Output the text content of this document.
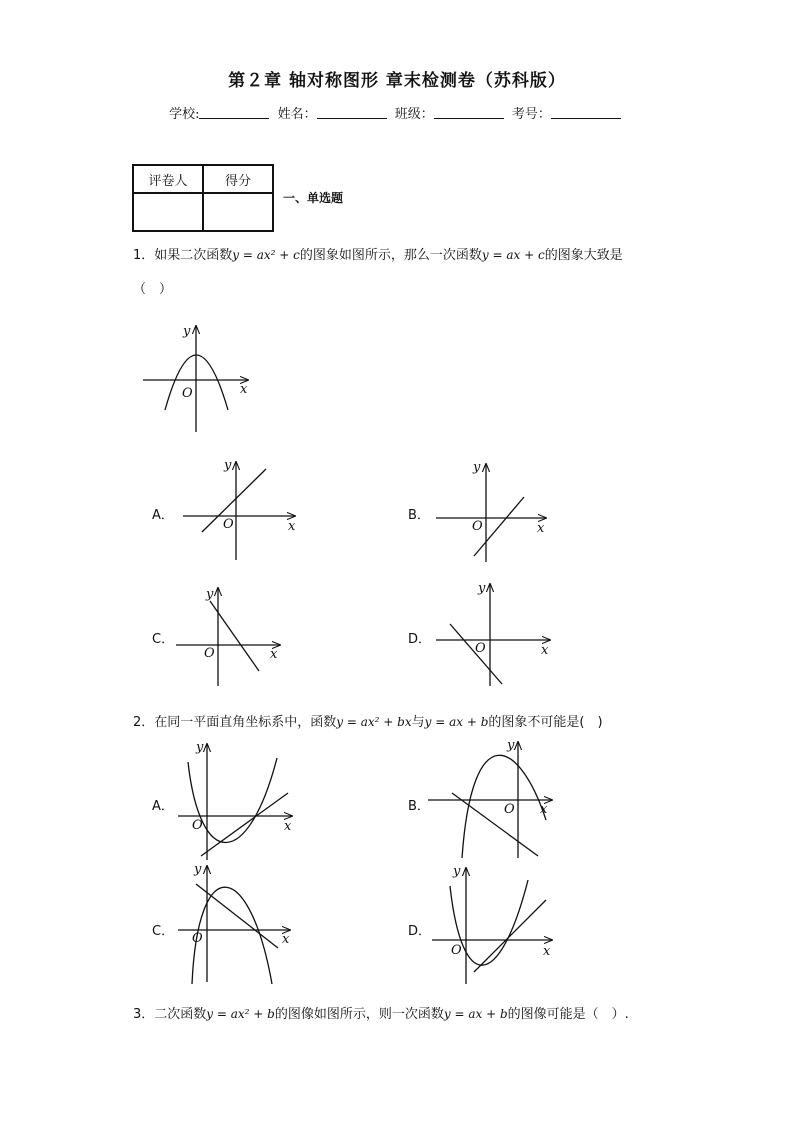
第２章 轴对称图形 章末检测卷（苏科版）
学校:	姓名：	班级：	考号：
评卷人	得分

一、单选题
1．如果二次函数y = ax² + c的图象如图所示，那么一次函数y = ax + c的图象大致是
（　）
y
x
O
y
x
O
y
x
O
y
x
O
y
x
O
y
x
O
y
x
O
y
x
O
y
x
O
A．	B．
C．	D．
2．在同一平面直角坐标系中，函数y = ax² + bx与y = ax + b的图象不可能是(　)
A．	B．
C．	D．
3．二次函数y = ax² + b的图像如图所示，则一次函数y = ax + b的图像可能是（　）.
